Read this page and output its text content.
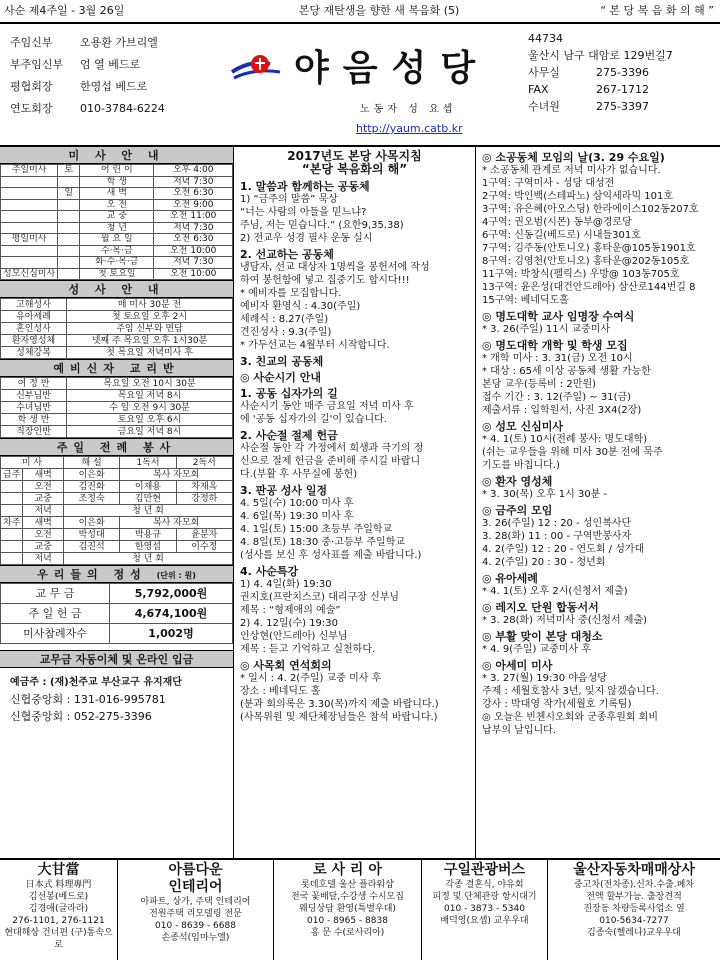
사순 제4주일 - 3월 26일	본당 재탄생을 향한 새 복음화 (5)	“ 본 당 복 음 화 의 해 ”
주임신부	오용환 가브리엘
부주임신부	엄 열 베드로
평협회장	한영섭 베드로
연도회장	010-3784-6224
야음성당
노동자 성 요셉
http://yaum.catb.kr
44734
울산시 남구 대암로 129번길7
사무실	275-3396
FAX	267-1712
수녀원	275-3397
미 사 안 내
주일미사	토	어 린 이	오후 4:00
		학 생	저녁 7:30
	일	새 벽	오전 6:30
		오 전	오전 9:00
		교 중	오전 11:00
		청 년	저녁 7:30
평일미사		월 요 일	오전 6:30
		수·목·금	오전 10:00
		화·수·목·금	저녁 7:30
성모신심미사		첫 토요일	오전 10:00
성 사 안 내
고해성사	매 미사 30분 전
유아세례	첫 토요일 오후 2시
혼인성사	주임 신부와 면담
환자영성체	넷째 주 목요일 오후 1시30분
성체강복	첫 목요일 저녁미사 후
예비신자 교리반
여 정 반	목요일 오전 10시 30분
신부님반	목요일 저녁 8시
수녀님반	수 일 오전 9시 30분
학 생 반	토요일 오후 6시
직장인반	금요일 저녁 8시
주일 전례 봉사
미 사		해 설	1독서	2독서
금주	새벽	이은화	복사 자모회	
	오전	김진화	이재용	차재옥
	교중	조정숙	김만현	강정하
	저녁	청 년 회		
차주	새벽	이은화	복사 자모회	
	오전	박성대	박용규	윤분자
	교중	김진석	한영섭	이수정
	저녁	청 년 회		
우리들의 정성 (단위 : 원)
교 무 금	5,792,000원
주 일 헌 금	4,674,100원
미사참례자수	1,002명
교무금 자동이체 및 온라인 입금
예금주 : (재)천주교 부산교구 유지재단
신협중앙회 : 131-016-995781
신협중앙회 : 052-275-3396
2017년도 본당 사목지침
“본당 복음화의 해”
1. 말씀과 함께하는 공동체

1) “금주의 말씀” 묵상

“너는 사람의 아들을 믿느냐?

주님, 저는 믿습니다.” (요한9,35.38)

2) 전교우 성경 필사 운동 실시

2. 선교하는 공동체

냉담자, 선교 대상자 1명씩을 봉헌서에 작성

하여 봉헌함에 넣고 집중기도 합시다!!!

* 예비자를 모집합니다.

예비자 환영식 : 4.30(주일)

세례식 : 8.27(주일)

견진성사 : 9.3(주일)

* 가두선교는 4월부터 시작합니다.

3. 친교의 공동체
◎ 사순시기 안내
1. 공동 십자가의 길

사순시기 동안 매주 금요일 저녁 미사 후

에 '공동 십자가의 길'이 있습니다.

2. 사순절 절제 헌금

사순절 동안 각 가정에서 희생과 극기의 정

신으로 절제 헌금을 준비해 주시길 바랍니

다.(부활 후 사무실에 봉헌)

3. 판공 성사 일정

4. 5일(수) 10:00 미사 후

4. 6일(목) 19:30 미사 후

4. 1일(토) 15:00 초등부 주일학교

4. 8일(토) 18:30 중·고등부 주일학교

(성사를 보신 후 성사표를 제출 바랍니다.)

4. 사순특강

1) 4. 4일(화) 19:30

권지호(프란치스코) 대리구장 신부님

제목 : “형제애의 예술”

2) 4. 12일(수) 19:30

인상현(안드레아) 신부님

제목 : 듣고 기억하고 실천하다.

◎ 사목회 연석회의

* 일시 : 4. 2(주일) 교중 미사 후

장소 : 베네딕도 홀

(분과 회의록은 3.30(목)까지 제출 바랍니다.)

(사목위원 및 제단체장님들은 참석 바랍니다.)

◎ 소공동체 모임의 날(3. 29 수요일)

* 소공동체 관계로 저녁 미사가 없습니다.

1구역: 구역미사 - 성당 대성전

2구역: 박인백(스테파노) 삼익세라믹 101호

3구역: 유은혜(아오스딩) 한라에이스102동207호

4구역: 권오범(시몬) 동부@경로당

6구역: 신동길(베드로) 시내들301호

7구역: 김주동(안토니오) 홍타운@105동1901호

8구역: 김영천(안토니오) 홍타운@202동105호

11구역: 박창식(펠릭스) 우방@ 103동705호

13구역: 윤은성(대건안드레아) 삼산로144번길 8

15구역: 베네딕도홀

◎ 명도대학 교사 임명장 수여식

* 3. 26(주일) 11시 교중미사

◎ 명도대학 개학 및 학생 모집

* 개학 미사 : 3. 31(금) 오전 10시

* 대상 : 65세 이상 공동체 생활 가능한

본당 교우(등록비 : 2만원)

접수 기간 : 3. 12(주일) ~ 31(금)

제출서류 : 입학원서, 사진 3X4(2장)

◎ 성모 신심미사

* 4. 1(토) 10시(전례 봉사: 명도대학)

(쉬는 교우들을 위해 미사 30분 전에 묵주

기도를 바칩니다.)

◎ 환자 영성체

* 3. 30(목) 오후 1시 30분 -

◎ 금주의 모임

3. 26(주일) 12 : 20 - 성인복사단

3. 28(화) 11 : 00 - 구역반봉사자

4. 2(주일) 12 : 20 - 연도회 / 성가대

4. 2(주일) 20 : 30 - 청년회

◎ 유아세례

* 4. 1(토) 오후 2시(신청서 제출)

◎ 레지오 단원 합동서서

* 3. 28(화) 저녁미사 중(신청서 제출)

◎ 부활 맞이 본당 대청소

* 4. 9(주일) 교중미사 후

◎ 아세미 미사

* 3. 27(월) 19:30 야음성당

주제 : 세월호참사 3년, 잊지 않겠습니다.

강사 : 박대영 작가(세월호 기록팀)

◎ 오늘은 빈첸시오회와 군종후원회 회비

납부의 날입니다.

大甘當
日本式 料理專門
김선봉(베드로)
김경애(글라라)
276-1101, 276-1121
현대해상 건너편 (구)통속으로
아름다운
인테리어
아파트, 상가, 주택 인테리어
전원주택 리모델링 전문
010 - 8639 - 6688
손종석(임마누엘)
로 사 리 아
롯데호텔 울산 플라워샵
전국 꽃배달,수강생 수시모집
웨딩상담 환영(특별우대)
010 - 8965 - 8838
홍 문 수(로사리아)
구일관광버스
각종 결혼식, 야유회
피정 및 단체관광 항시대기
010 - 3873 - 5340
배덕영(요셉) 교우우대
울산자동차매매상사
중고차(전차종).신차.수출.폐차
전액 할부가능. 출장견적
진장동 차량등록사업소 옆
010-5634-7277
김종숙(헬레나)교우우대
